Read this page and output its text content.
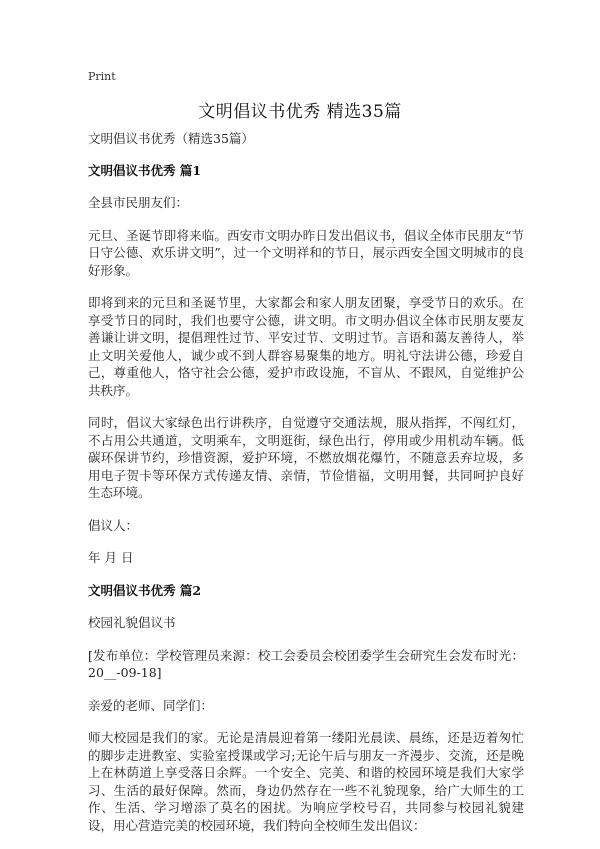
Print
文明倡议书优秀 精选35篇

文明倡议书优秀（精选35篇）

文明倡议书优秀 篇1

全县市民朋友们：

元旦、圣诞节即将来临。西安市文明办昨日发出倡议书，倡议全体市民朋友“节日守公德、欢乐讲文明”，过一个文明祥和的节日，展示西安全国文明城市的良好形象。

即将到来的元旦和圣诞节里，大家都会和家人朋友团聚，享受节日的欢乐。在享受节日的同时，我们也要守公德，讲文明。市文明办倡议全体市民朋友要友善谦让讲文明，提倡理性过节、平安过节、文明过节。言语和蔼友善待人，举止文明关爱他人，诚少或不到人群容易聚集的地方。明礼守法讲公德，珍爱自己，尊重他人，恪守社会公德，爱护市政设施，不盲从、不跟风，自觉维护公共秩序。

同时，倡议大家绿色出行讲秩序，自觉遵守交通法规，服从指挥，不闯红灯，不占用公共通道，文明乘车，文明逛街，绿色出行，停用或少用机动车辆。低碳环保讲节约，珍惜资源，爱护环境，不燃放烟花爆竹，不随意丢弃垃圾，多用电子贺卡等环保方式传递友情、亲情，节俭惜福，文明用餐，共同呵护良好生态环境。

倡议人：

年 月 日

文明倡议书优秀 篇2

校园礼貌倡议书

[发布单位：学校管理员来源：校工会委员会校团委学生会研究生会发布时光：20__-09-18]

亲爱的老师、同学们：

师大校园是我们的家。无论是清晨迎着第一缕阳光晨读、晨练，还是迈着匆忙的脚步走进教室、实验室授课或学习;无论午后与朋友一齐漫步、交流，还是晚上在林荫道上享受落日余辉。一个安全、完美、和谐的校园环境是我们大家学习、生活的最好保障。然而，身边仍然存在一些不礼貌现象，给广大师生的工作、生活、学习增添了莫名的困扰。为响应学校号召，共同参与校园礼貌建设，用心营造完美的校园环境，我们特向全校师生发出倡议：
